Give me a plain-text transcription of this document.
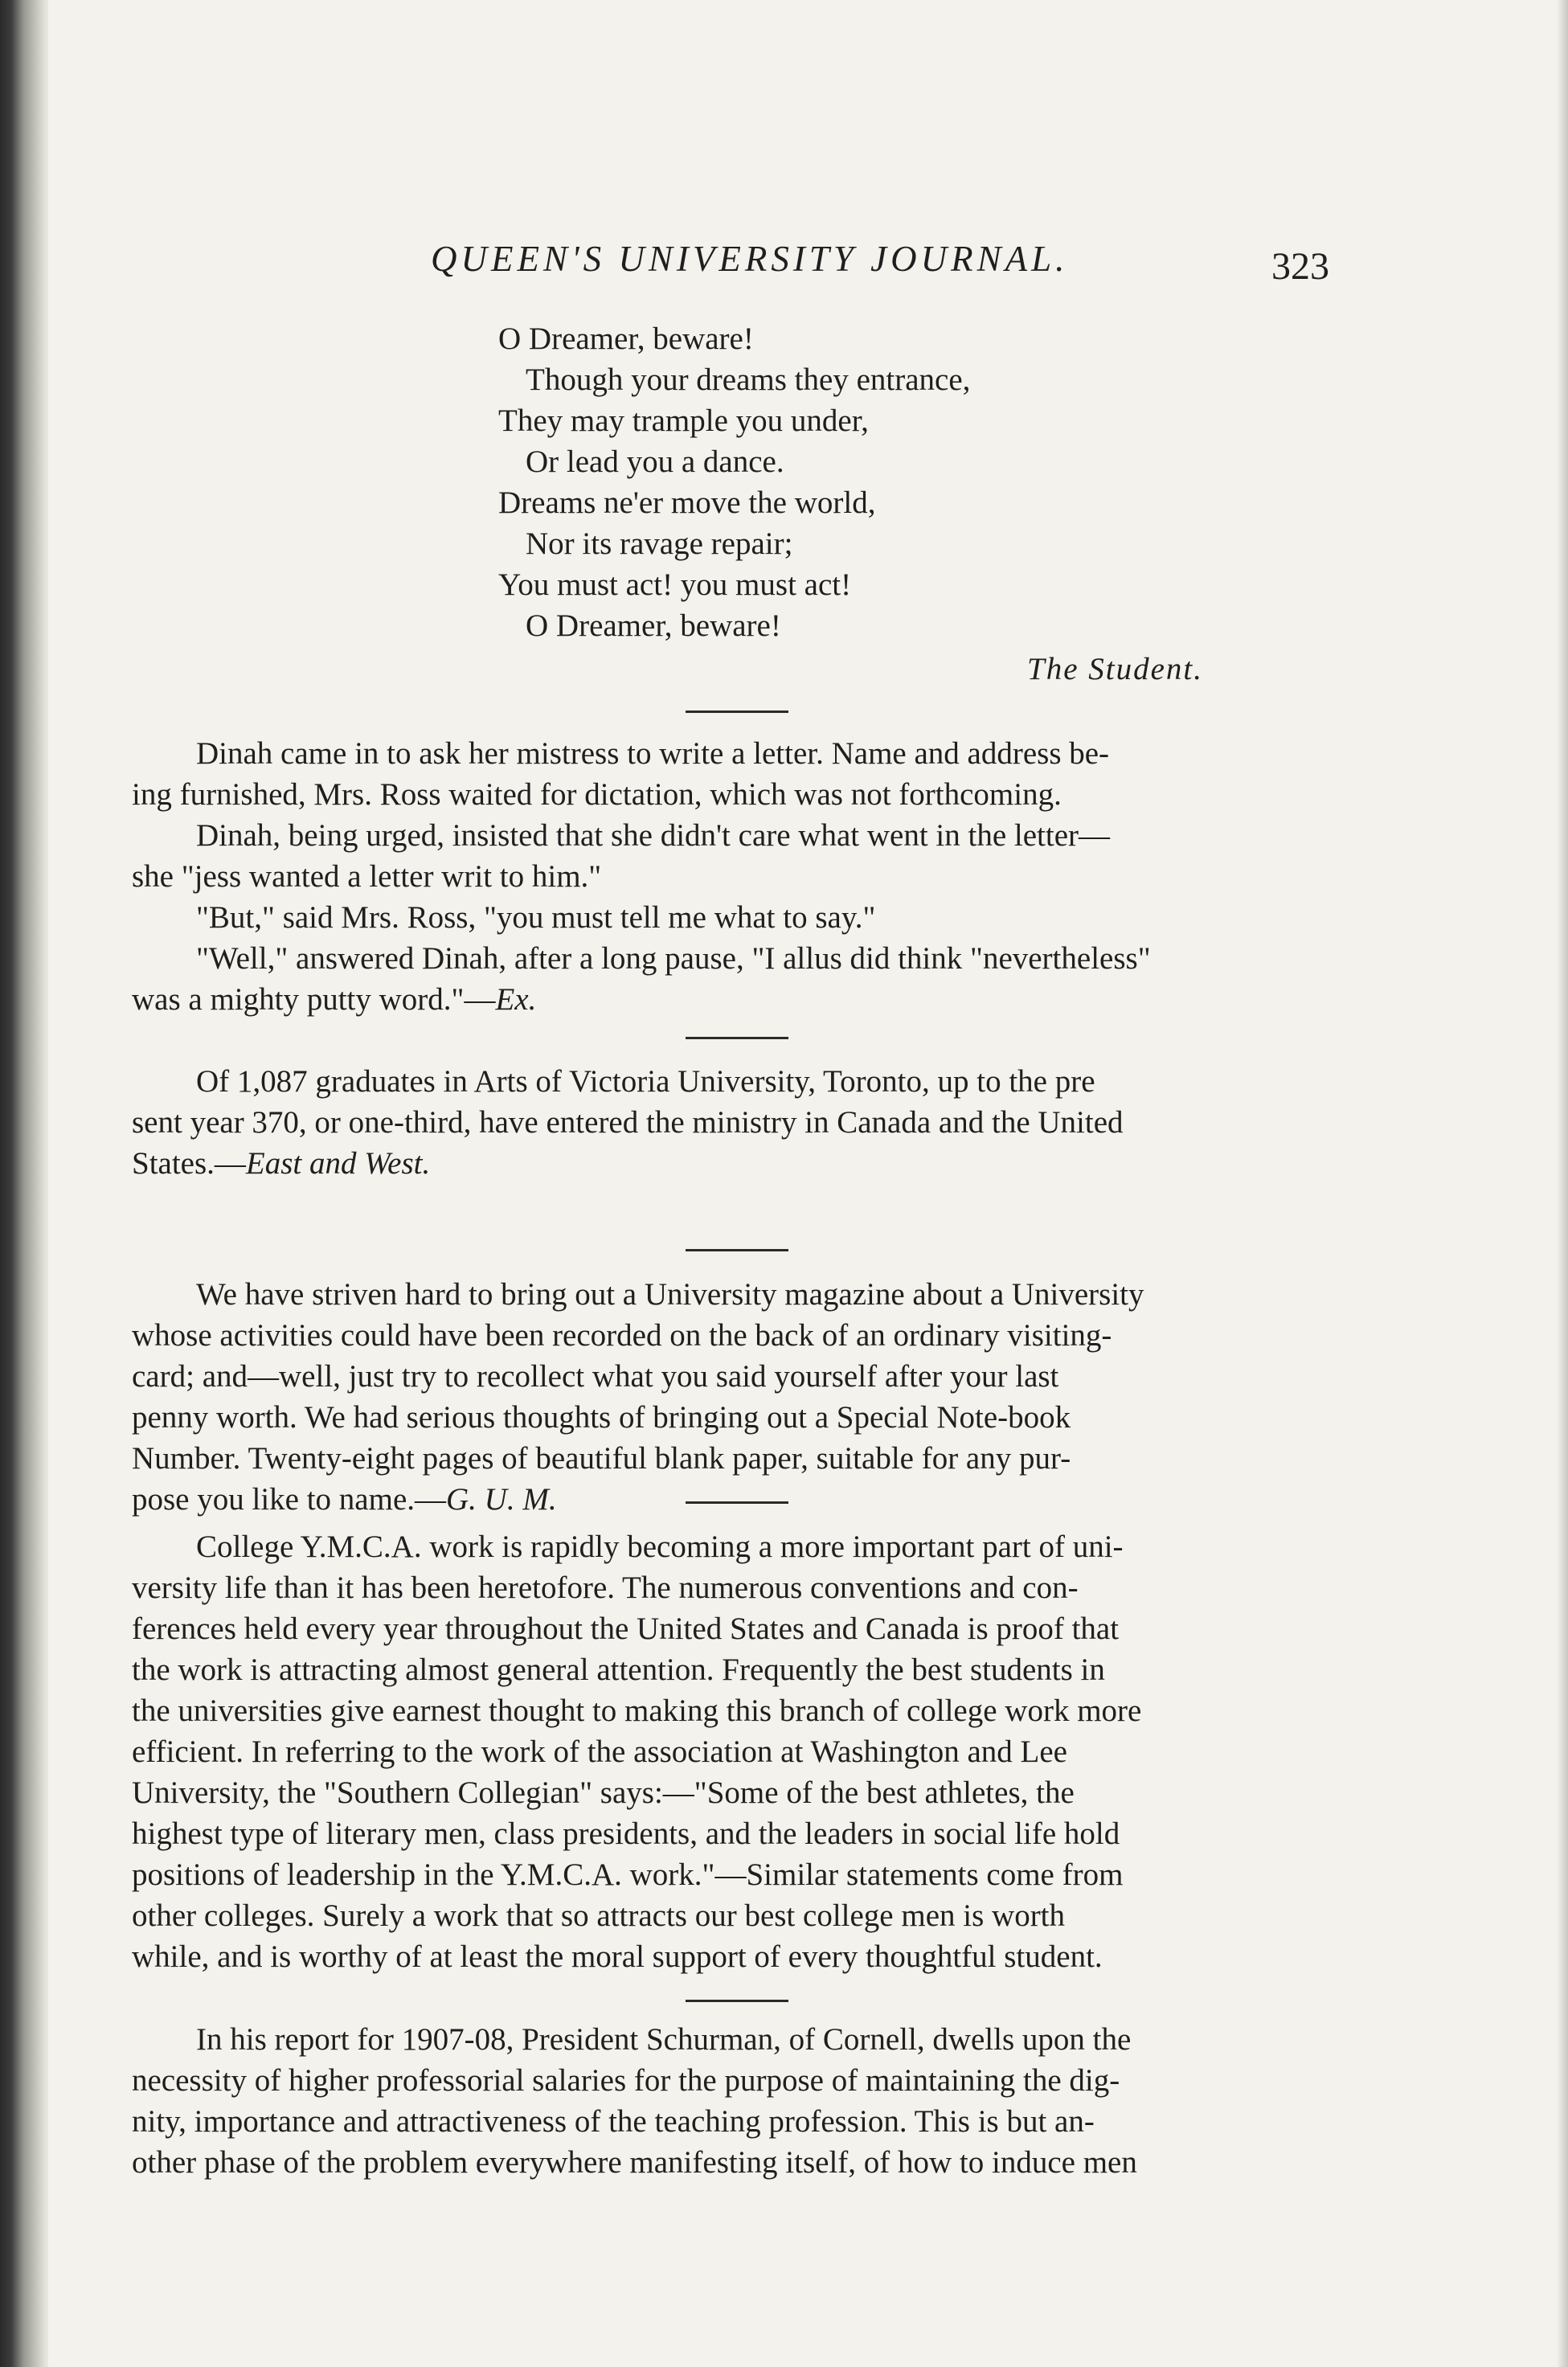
QUEEN'S UNIVERSITY JOURNAL.	323
O Dreamer, beware!
Though your dreams they entrance,
They may trample you under,
Or lead you a dance.
Dreams ne'er move the world,
Nor its ravage repair;
You must act! you must act!
O Dreamer, beware!
The Student.
Dinah came in to ask her mistress to write a letter. Name and address be-
ing furnished, Mrs. Ross waited for dictation, which was not forthcoming.
Dinah, being urged, insisted that she didn't care what went in the letter—
she "jess wanted a letter writ to him."
"But," said Mrs. Ross, "you must tell me what to say."
"Well," answered Dinah, after a long pause, "I allus did think "nevertheless"
was a mighty putty word."—Ex.
Of 1,087 graduates in Arts of Victoria University, Toronto, up to the pre
sent year 370, or one-third, have entered the ministry in Canada and the United
States.—East and West.
We have striven hard to bring out a University magazine about a University
whose activities could have been recorded on the back of an ordinary visiting-
card; and—well, just try to recollect what you said yourself after your last
penny worth. We had serious thoughts of bringing out a Special Note-book
Number. Twenty-eight pages of beautiful blank paper, suitable for any pur-
pose you like to name.—G. U. M.
College Y.M.C.A. work is rapidly becoming a more important part of uni-
versity life than it has been heretofore. The numerous conventions and con-
ferences held every year throughout the United States and Canada is proof that
the work is attracting almost general attention. Frequently the best students in
the universities give earnest thought to making this branch of college work more
efficient. In referring to the work of the association at Washington and Lee
University, the "Southern Collegian" says:—"Some of the best athletes, the
highest type of literary men, class presidents, and the leaders in social life hold
positions of leadership in the Y.M.C.A. work."—Similar statements come from
other colleges. Surely a work that so attracts our best college men is worth
while, and is worthy of at least the moral support of every thoughtful student.
In his report for 1907-08, President Schurman, of Cornell, dwells upon the
necessity of higher professorial salaries for the purpose of maintaining the dig-
nity, importance and attractiveness of the teaching profession. This is but an-
other phase of the problem everywhere manifesting itself, of how to induce men
